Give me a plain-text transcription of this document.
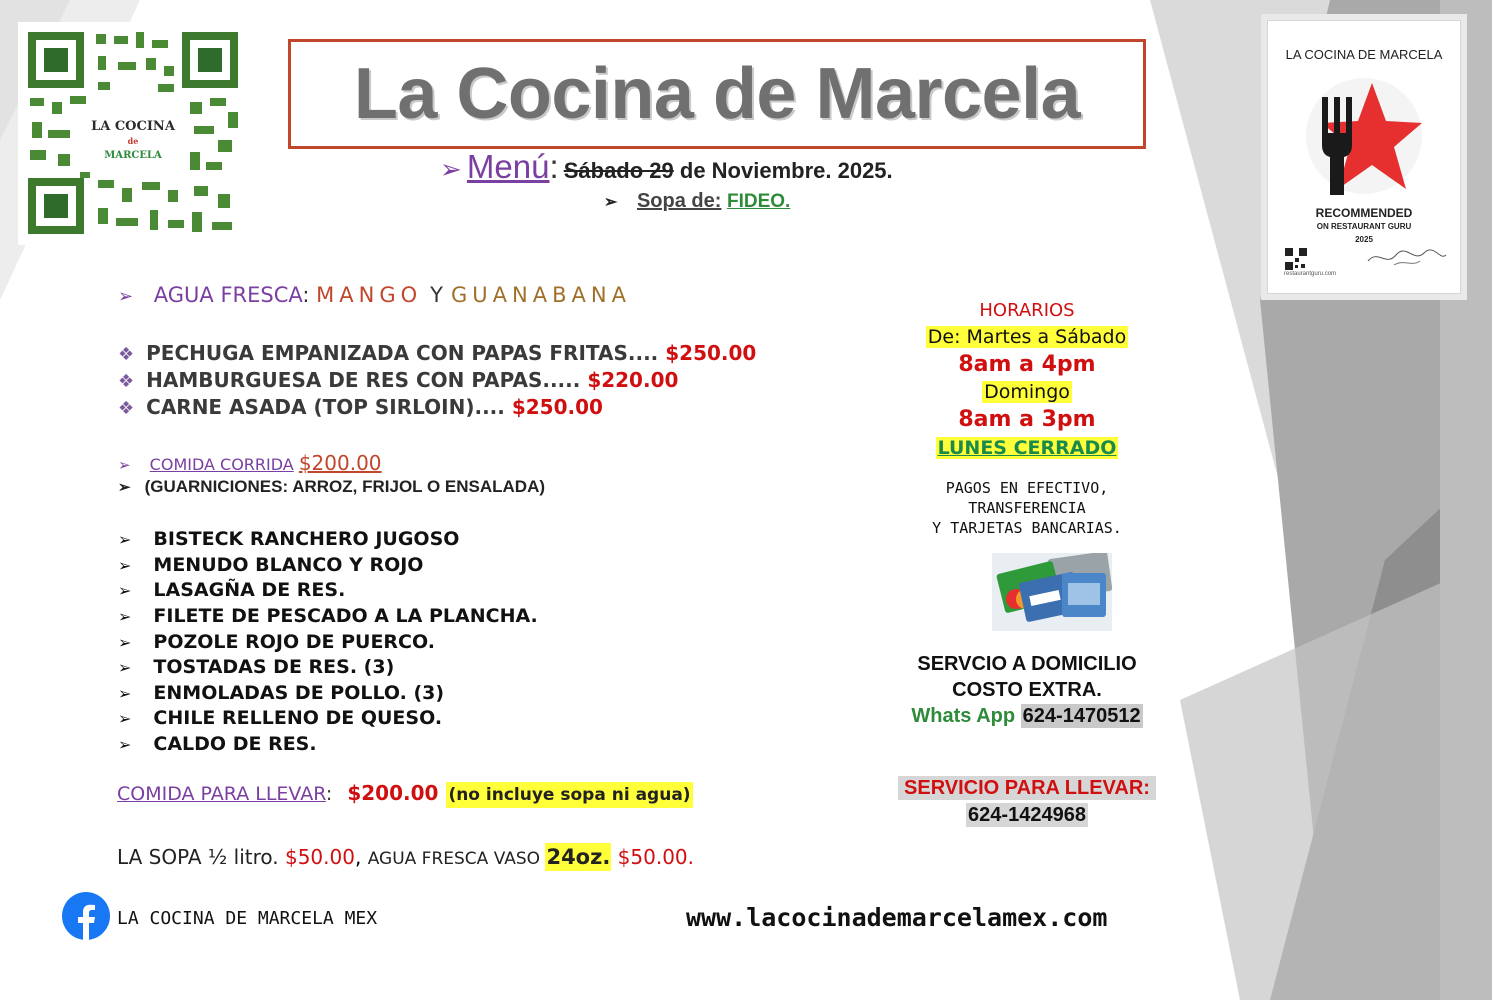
LA COCINA
de
MARCELA
La Cocina de Marcela
➢ Menú: Sábado 29 de Noviembre. 2025.
➢ Sopa de: FIDEO.
LA COCINA DE MARCELA
RECOMMENDED
ON RESTAURANT GURU
2025
restaurantguru.com
➢ AGUA FRESCA: MANGO Y GUANABANA
❖ PECHUGA EMPANIZADA CON PAPAS FRITAS.... $250.00
❖ HAMBURGUESA DE RES CON PAPAS..... $220.00
❖ CARNE ASADA (TOP SIRLOIN).... $250.00
➢ COMIDA CORRIDA $200.00
➢ (GUARNICIONES: ARROZ, FRIJOL O ENSALADA)
➢ BISTECK RANCHERO JUGOSO
➢ MENUDO BLANCO Y ROJO
➢ LASAGÑA DE RES.
➢ FILETE DE PESCADO A LA PLANCHA.
➢ POZOLE ROJO DE PUERCO.
➢ TOSTADAS DE RES. (3)
➢ ENMOLADAS DE POLLO. (3)
➢ CHILE RELLENO DE QUESO.
➢ CALDO DE RES.
COMIDA PARA LLEVAR: $200.00 (no incluye sopa ni agua)
LA SOPA ½ litro. $50.00, AGUA FRESCA VASO 24oz. $50.00.
HORARIOS
De: Martes a Sábado
8am a 4pm
Domingo
8am a 3pm
LUNES CERRADO
PAGOS EN EFECTIVO,
TRANSFERENCIA
Y TARJETAS BANCARIAS.
SERVCIO A DOMICILIO
COSTO EXTRA.
Whats App 624-1470512
SERVICIO PARA LLEVAR:
624-1424968
LA COCINA DE MARCELA MEX	www.lacocinademarcelamex.com
